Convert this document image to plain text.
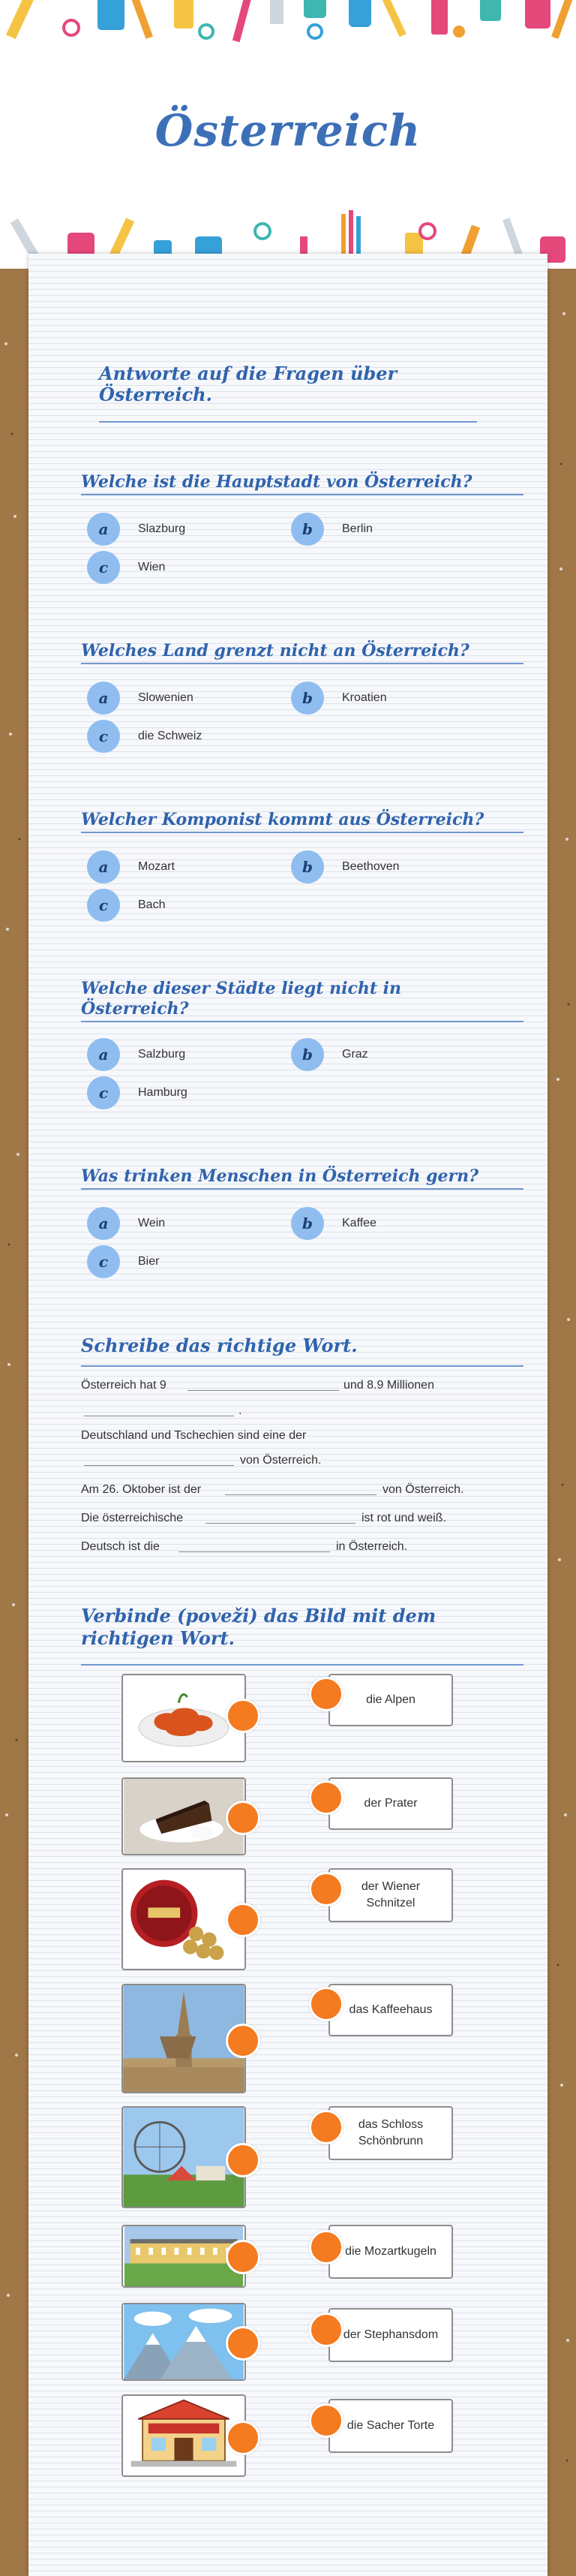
Österreich
Antworte auf die Fragen über Österreich.
Welche ist die Hauptstadt von Österreich?
a	Slazburg	b	Berlin
c	Wien
Welches Land grenzt nicht an Österreich?
a	Slowenien	b	Kroatien
c	die Schweiz
Welcher Komponist kommt aus Österreich?
a	Mozart	b	Beethoven
c	Bach
Welche dieser Städte liegt nicht in Österreich?
a	Salzburg	b	Graz
c	Hamburg
Was trinken Menschen in Österreich gern?
a	Wein	b	Kaffee
c	Bier
Schreibe das richtige Wort.
Österreich hat 9	und 8.9 Millionen
.
Deutschland und Tschechien sind eine der
von Österreich.
Am 26. Oktober ist der	von Österreich.
Die österreichische	ist rot und weiß.
Deutsch ist die	in Österreich.
Verbinde (poveži) das Bild mit dem richtigen Wort.
die Alpen
der Prater
der Wiener Schnitzel
das Kaffeehaus
das Schloss Schönbrunn
die Mozartkugeln
der Stephansdom
die Sacher Torte
